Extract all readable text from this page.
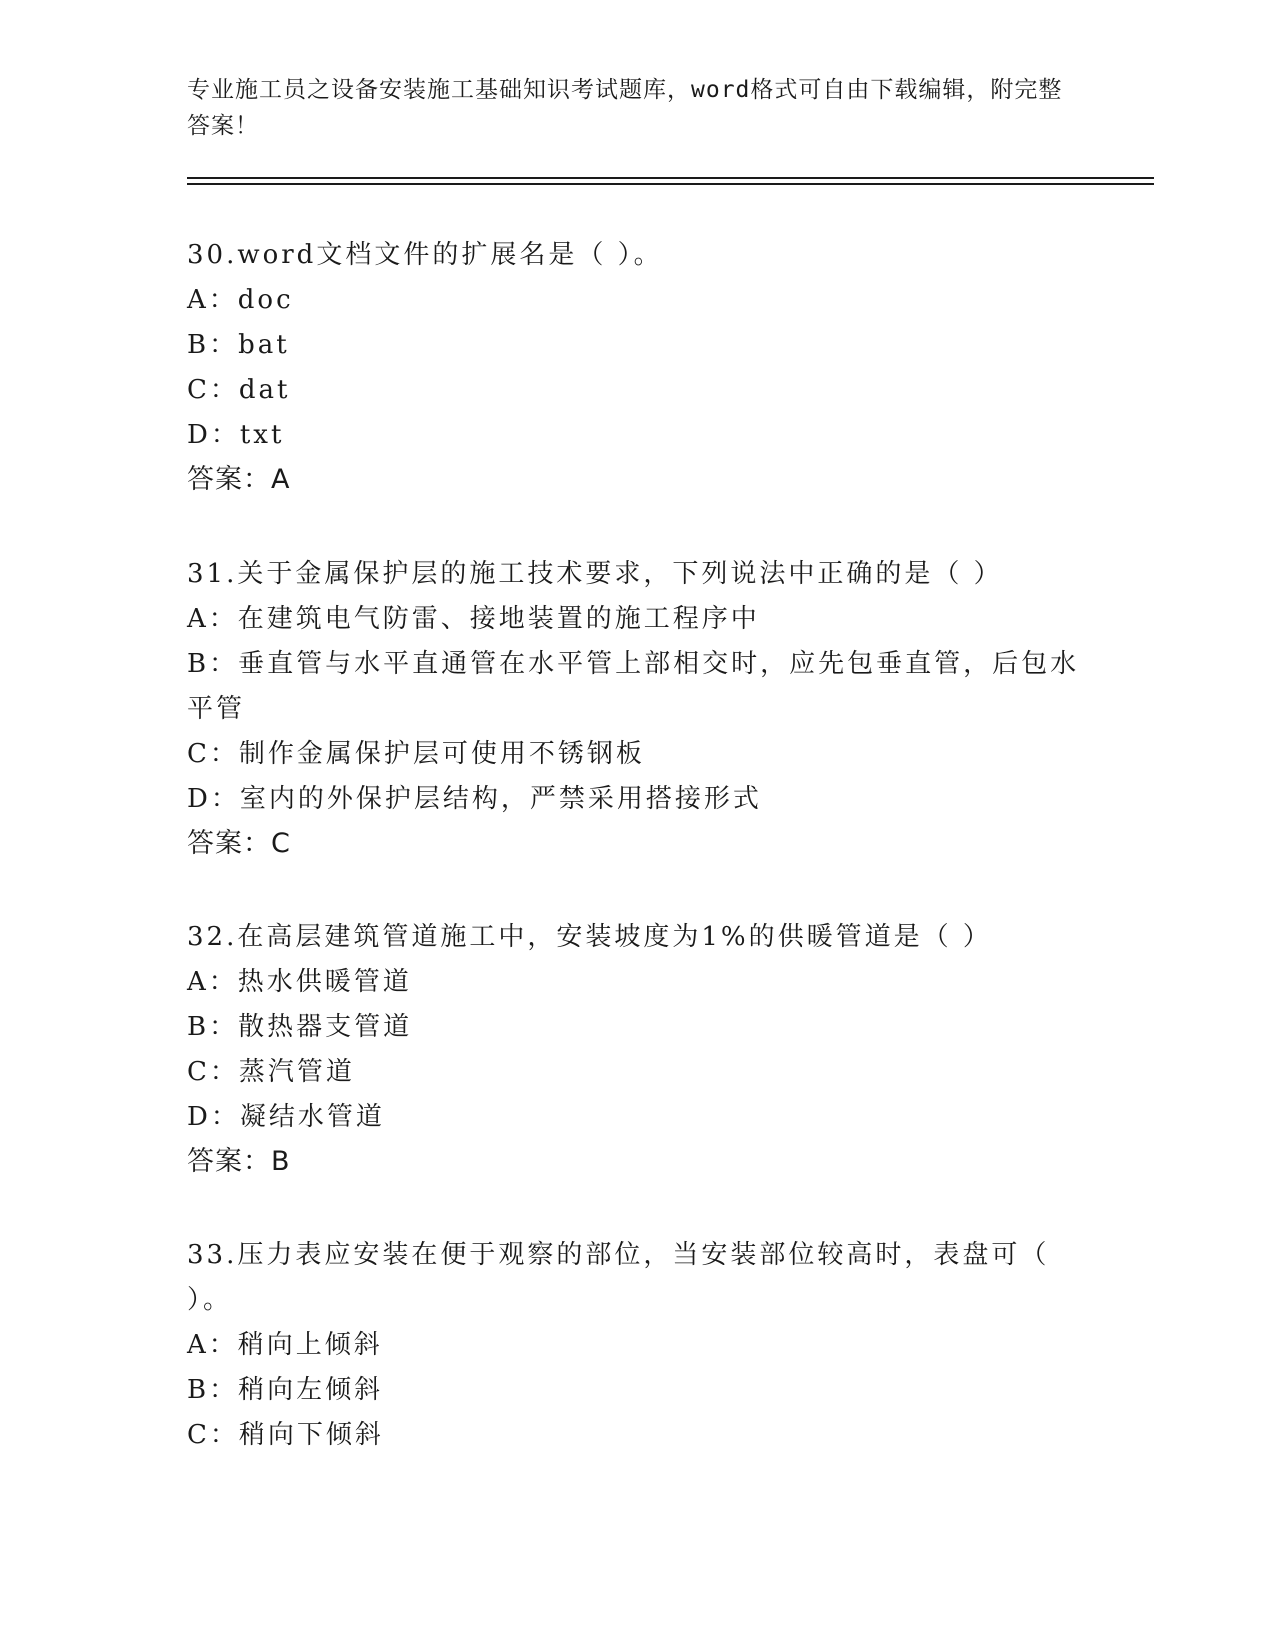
专业施工员之设备安装施工基础知识考试题库，word格式可自由下载编辑，附完整答案！

30.word文档文件的扩展名是（ ）。

A：doc

B：bat

C：dat

D：txt

答案：A

31.关于金属保护层的施工技术要求，下列说法中正确的是（ ）

A：在建筑电气防雷、接地装置的施工程序中

B：垂直管与水平直通管在水平管上部相交时，应先包垂直管，后包水平管

C：制作金属保护层可使用不锈钢板

D：室内的外保护层结构，严禁采用搭接形式

答案：C

32.在高层建筑管道施工中，安装坡度为1%的供暖管道是（ ）

A：热水供暖管道

B：散热器支管道

C：蒸汽管道

D：凝结水管道

答案：B

33.压力表应安装在便于观察的部位，当安装部位较高时，表盘可（ ）。

A：稍向上倾斜

B：稍向左倾斜

C：稍向下倾斜
